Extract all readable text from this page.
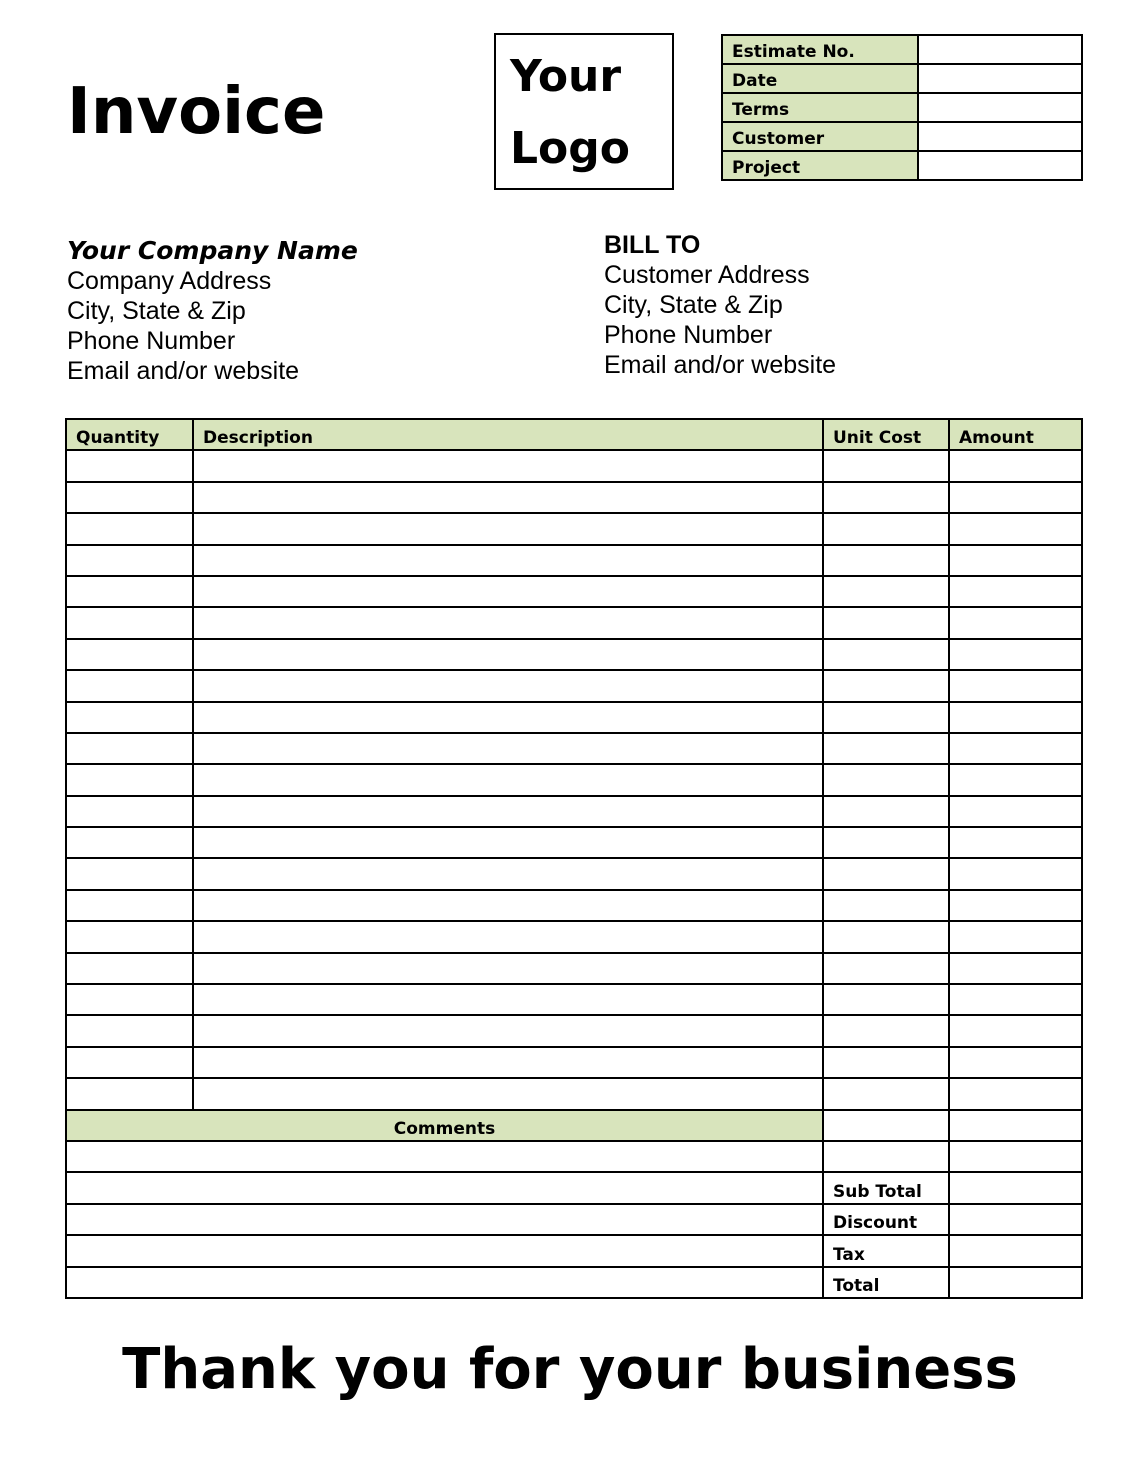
Invoice	Your
Logo
Estimate No.	
Date	
Terms	
Customer	
Project	
Your Company Name
Company Address
City, State & Zip
Phone Number
Email and/or website
BILL TO
Customer Address
City, State & Zip
Phone Number
Email and/or website
Quantity	Description	Unit Cost	Amount

Comments			

		Sub Total	
		Discount	
		Tax	
		Total	
Thank you for your business
